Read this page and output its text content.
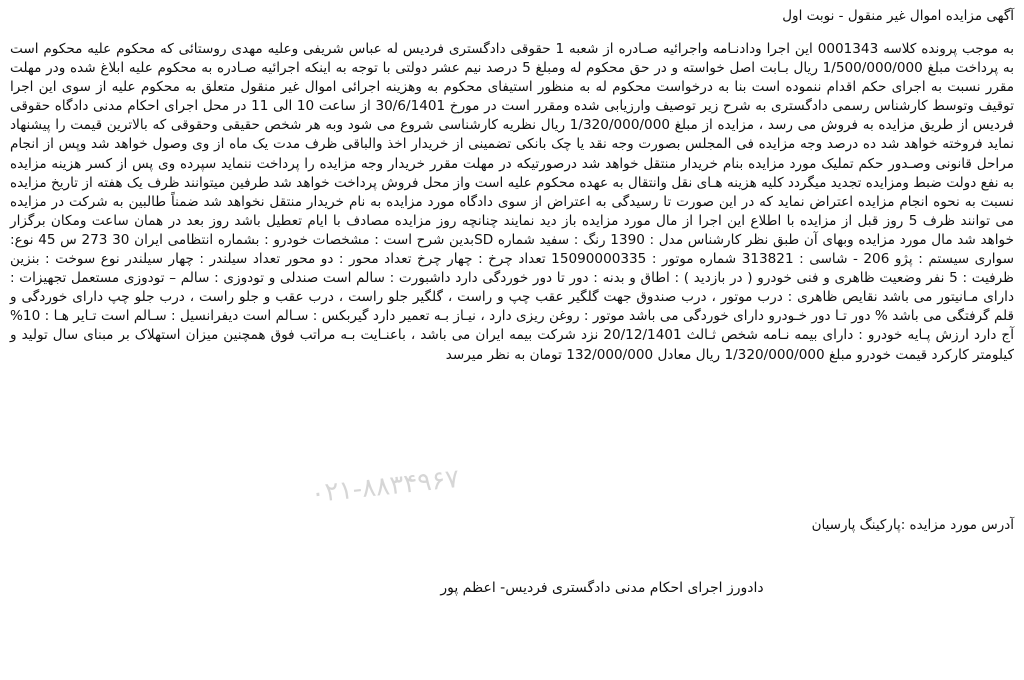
آگهی مزایده اموال غیر منقول - نوبت اول

به موجب پرونده کلاسه 0001343 این اجرا ودادنـامه واجرائیه صـادره از شعبه 1 حقوقی دادگستری فردیس له عباس شریفی وعلیه مهدی روستائی که محکوم علیه محکوم است به پرداخت مبلغ 1/500/000/000 ریال بـابت اصل خواسته و در حق محکوم له ومبلغ 5 درصد نیم عشر دولتی با توجه به اینکه اجرائیه صـادره به محکوم علیه ابلاغ شده ودر مهلت مقرر نسبت به اجرای حکم اقدام ننموده است بنا به درخواست محکوم له به منظور استیفای محکوم به وهزینه اجرائی اموال غیر منقول متعلق به محکوم علیه از سوی این اجرا توقیف وتوسط کارشناس رسمی دادگستری به شرح زیر توصیف وارزیابی شده ومقرر است در مورخ 30/6/1401 از ساعت 10 الی 11 در محل اجرای احکام مدنی دادگاه حقوقی فردیس از طریق مزایده به فروش می رسد ، مزایده از مبلغ 1/320/000/000 ریال نظریه کارشناسی شروع می شود وبه هر شخص حقیقی وحقوقی که بالاترین قیمت را پیشنهاد نماید فروخته خواهد شد ده درصد وجه مزایده فی المجلس بصورت وجه نقد یا چک بانکی تضمینی از خریدار اخذ والباقی ظرف مدت یک ماه از وی وصول خواهد شد وپس از انجام مراحل قانونی وصـدور حکم تملیک مورد مزایده بنام خریدار منتقل خواهد شد درصورتیکه در مهلت مقرر خریدار وجه مزایده را پرداخت ننماید سپرده وی پس از کسر هزینه مزایده به نفع دولت ضبط ومزایده تجدید میگردد کلیه هزینه هـای نقل وانتقال به عهده محکوم علیه است واز محل فروش پرداخت خواهد شد طرفین میتوانند ظرف یک هفته از تاریخ مزایده نسبت به نحوه انجام مزایده اعتراض نماید که در این صورت تا رسیدگی به اعتراض از سوی دادگاه مورد مزایده به نام خریدار منتقل نخواهد شد ضمناً طالبین به شرکت در مزایده می توانند ظرف 5 روز قبل از مزایده با اطلاع این اجرا از مال مورد مزایده باز دید نمایند چنانچه روز مزایده مصادف با ایام تعطیل باشد روز بعد در همان ساعت ومکان برگزار خواهد شد مال مورد مزایده وبهای آن طبق نظر کارشناس مدل : 1390 رنگ : سفید شماره SDبدین شرح است : مشخصات خودرو : بشماره انتظامی ایران 30 273 س 45 نوع: سواری سیستم : پژو 206 - شاسی : 313821 شماره موتور : 15090000335 تعداد چرخ : چهار چرخ تعداد محور : دو محور تعداد سیلندر : چهار سیلندر نوع سوخت : بنزین ظرفیت : 5 نفر وضعیت ظاهری و فنی خودرو ( در بازدید ) : اطاق و بدنه : دور تا دور خوردگی دارد داشبورت : سالم است صندلی و تودوزی : سالم – تودوزی مستعمل تجهیزات : دارای مـانیتور می باشد نقایص ظاهری : درب موتور ، درب صندوق جهت گلگیر عقب چپ و راست ، گلگیر جلو راست ، درب عقب و جلو راست ، درب جلو چپ دارای خوردگی و قلم گرفتگی می باشد % دور تـا دور خـودرو دارای خوردگی می باشد موتور : روغن ریزی دارد ، نیـاز بـه تعمیر دارد گیربکس : سـالم است دیفرانسیل : سـالم است تـایر هـا : 10% آج دارد ارزش پـایه خودرو : دارای بیمه نـامه شخص ثـالث 20/12/1401 نزد شرکت بیمه ایران می باشد ، باعنـایت بـه مراتب فوق همچنین میزان استهلاک بر مبنای سال تولید و کیلومتر کارکرد قیمت خودرو مبلغ 1/320/000/000 ریال معادل 132/000/000 تومان به نظر میرسد

آدرس مورد مزایده :پارکینگ پارسیان

دادورز اجرای احکام مدنی دادگستری فردیس- اعظم پور

۰۲۱-۸۸۳۴۹۶۷
